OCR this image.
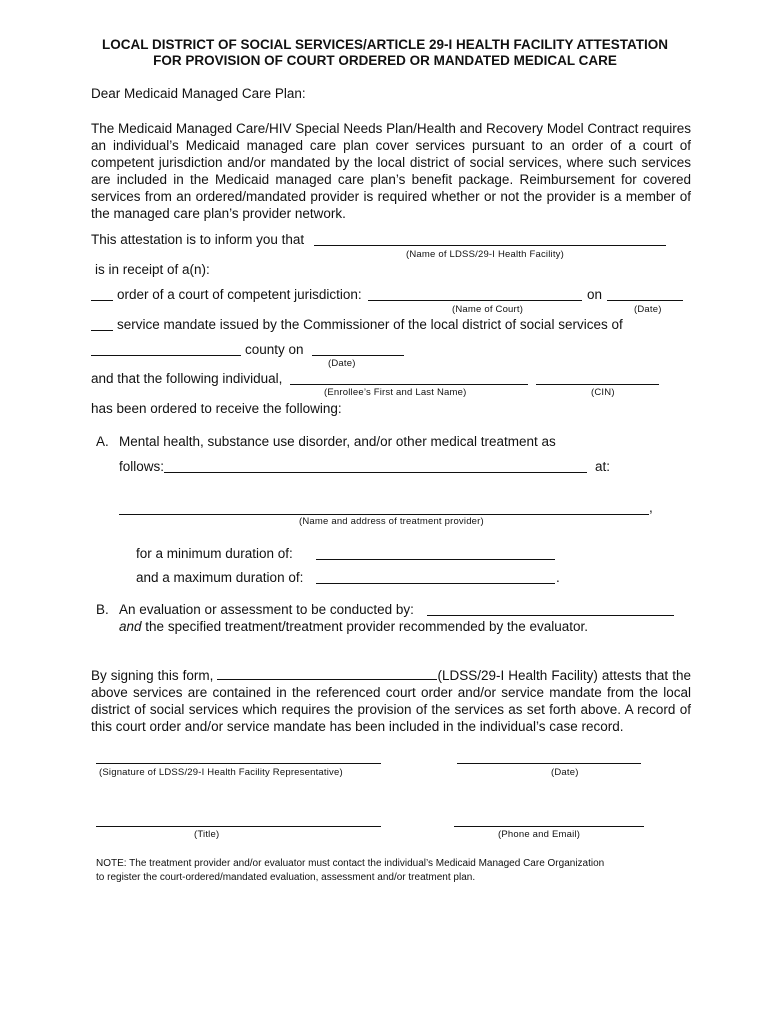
LOCAL DISTRICT OF SOCIAL SERVICES/ARTICLE 29-I HEALTH FACILITY ATTESTATION
FOR PROVISION OF COURT ORDERED OR MANDATED MEDICAL CARE
Dear Medicaid Managed Care Plan:
The Medicaid Managed Care/HIV Special Needs Plan/Health and Recovery Model Contract requires an individual’s Medicaid managed care plan cover services pursuant to an order of a court of competent jurisdiction and/or mandated by the local district of social services, where such services are included in the Medicaid managed care plan’s benefit package. Reimbursement for covered services from an ordered/mandated provider is required whether or not the provider is a member of the managed care plan’s provider network.
This attestation is to inform you that
(Name of LDSS/29-I Health Facility)
is in receipt of a(n):
order of a court of competent jurisdiction:	on
(Name of Court)	(Date)
service mandate issued by the Commissioner of the local district of social services of
county on
(Date)
and that the following individual,
(Enrollee’s First and Last Name)	(CIN)
has been ordered to receive the following:
A. Mental health, substance use disorder, and/or other medical treatment as
follows:	at:
,
(Name and address of treatment provider)
for a minimum duration of:
and a maximum duration of:	.
B. An evaluation or assessment to be conducted by:
and the specified treatment/treatment provider recommended by the evaluator.
By signing this form,	(LDSS/29-I Health Facility) attests that the above services are contained in the referenced court order and/or service mandate from the local district of social services which requires the provision of the services as set forth above. A record of this court order and/or service mandate has been included in the individual’s case record.
(Signature of LDSS/29-I Health Facility Representative)	(Date)
(Title)	(Phone and Email)
NOTE: The treatment provider and/or evaluator must contact the individual’s Medicaid Managed Care Organization
to register the court-ordered/mandated evaluation, assessment and/or treatment plan.
